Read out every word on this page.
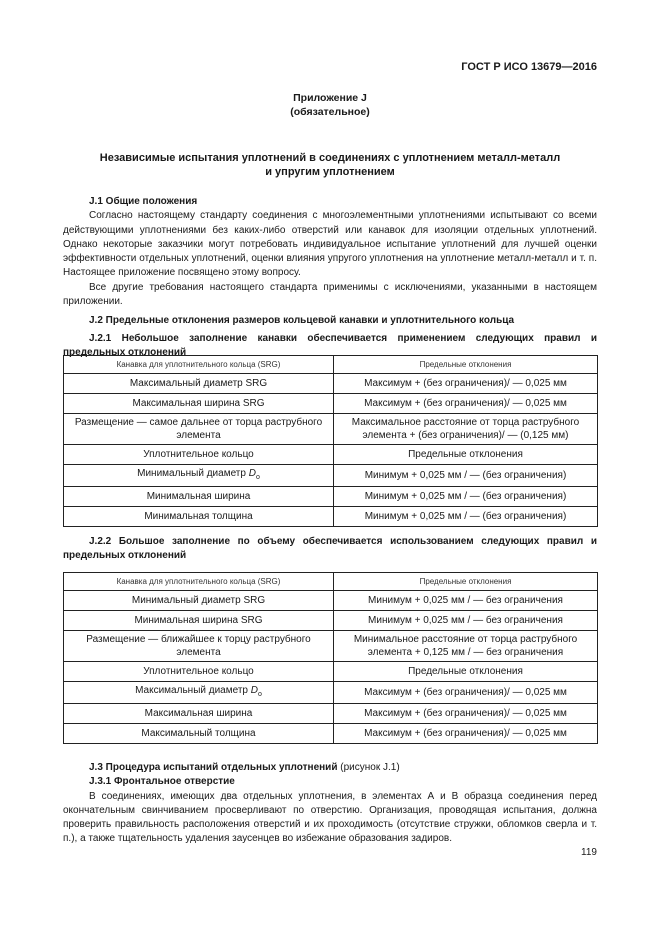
ГОСТ Р ИСО 13679—2016
Приложение J
(обязательное)
Независимые испытания уплотнений в соединениях с уплотнением металл-металл
и упругим уплотнением
J.1 Общие положения

Согласно настоящему стандарту соединения с многоэлементными уплотнениями испытывают со всеми действующими уплотнениями без каких-либо отверстий или канавок для изоляции отдельных уплотнений. Однако некоторые заказчики могут потребовать индивидуальное испытание уплотнений для лучшей оценки эффективности отдельных уплотнений, оценки влияния упругого уплотнения на уплотнение металл-металл и т. п. Настоящее приложение посвящено этому вопросу.

Все другие требования настоящего стандарта применимы с исключениями, указанными в настоящем приложении.

J.2 Предельные отклонения размеров кольцевой канавки и уплотнительного кольца
J.2.1 Небольшое заполнение канавки обеспечивается применением следующих правил и предельных отклонений
Канавка для уплотнительного кольца (SRG)	Предельные отклонения
Максимальный диаметр SRG	Максимум + (без ограничения)/ — 0,025 мм
Максимальная ширина SRG	Максимум + (без ограничения)/ — 0,025 мм
Размещение — самое дальнее от торца раструбного элемента	Максимальное расстояние от торца раструбного элемента + (без ограничения)/ — (0,125 мм)
Уплотнительное кольцо	Предельные отклонения
Минимальный диаметр $D_о$	Минимум + 0,025 мм / — (без ограничения)
Минимальная ширина	Минимум + 0,025 мм / — (без ограничения)
Минимальная толщина	Минимум + 0,025 мм / — (без ограничения)
J.2.2 Большое заполнение по объему обеспечивается использованием следующих правил и предельных отклонений
Канавка для уплотнительного кольца (SRG)	Предельные отклонения
Минимальный диаметр SRG	Минимум + 0,025 мм / — без ограничения
Минимальная ширина SRG	Минимум + 0,025 мм / — без ограничения
Размещение — ближайшее к торцу раструбного элемента	Минимальное расстояние от торца раструбного элемента + 0,125 мм / — без ограничения
Уплотнительное кольцо	Предельные отклонения
Максимальный диаметр $D_о$	Максимум + (без ограничения)/ — 0,025 мм
Максимальная ширина	Максимум + (без ограничения)/ — 0,025 мм
Максимальный толщина	Максимум + (без ограничения)/ — 0,025 мм
J.3 Процедура испытаний отдельных уплотнений (рисунок J.1)
J.3.1 Фронтальное отверстие

В соединениях, имеющих два отдельных уплотнения, в элементах А и В образца соединения перед окончательным свинчиванием просверливают по отверстию. Организация, проводящая испытания, должна проверить правильность расположения отверстий и их проходимость (отсутствие стружки, обломков сверла и т. п.), а также тщательность удаления заусенцев во избежание образования задиров.

119
